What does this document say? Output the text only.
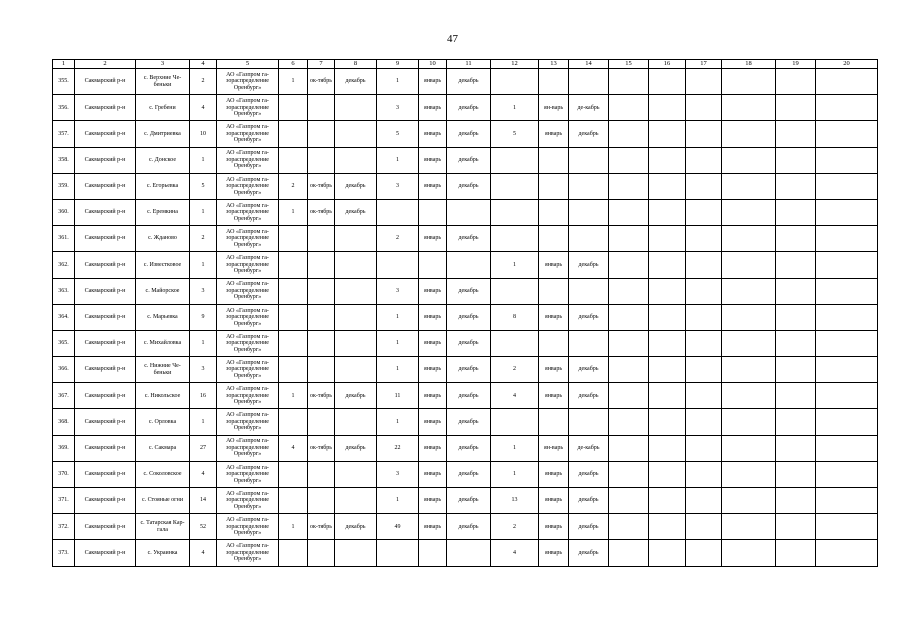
47
1	2	3	4	5	6	7	8	9	10	11	12	13	14	15	16	17	18	19	20
355.	Сакмарский р-н	с. Верхние Че-беньки	2	АО «Газпром га-зораспределение Оренбург»	1	ок-тябрь	декабрь	1	январь	декабрь									
356.	Сакмарский р-н	с. Гребени	4	АО «Газпром га-зораспределение Оренбург»				3	январь	декабрь	1	ян-варь	де-кабрь						
357.	Сакмарский р-н	с. Дмитриевка	10	АО «Газпром га-зораспределение Оренбург»				5	январь	декабрь	5	январь	декабрь						
358.	Сакмарский р-н	с. Донское	1	АО «Газпром га-зораспределение Оренбург»				1	январь	декабрь									
359.	Сакмарский р-н	с. Егорьевка	5	АО «Газпром га-зораспределение Оренбург»	2	ок-тябрь	декабрь	3	январь	декабрь									
360.	Сакмарский р-н	с. Еремкина	1	АО «Газпром га-зораспределение Оренбург»	1	ок-тябрь	декабрь												
361.	Сакмарский р-н	с. Жданово	2	АО «Газпром га-зораспределение Оренбург»				2	январь	декабрь									
362.	Сакмарский р-н	с. Известковое	1	АО «Газпром га-зораспределение Оренбург»							1	январь	декабрь						
363.	Сакмарский р-н	с. Майорское	3	АО «Газпром га-зораспределение Оренбург»				3	январь	декабрь									
364.	Сакмарский р-н	с. Марьевка	9	АО «Газпром га-зораспределение Оренбург»				1	январь	декабрь	8	январь	декабрь						
365.	Сакмарский р-н	с. Михайловка	1	АО «Газпром га-зораспределение Оренбург»				1	январь	декабрь									
366.	Сакмарский р-н	с. Нижние Че-беньки	3	АО «Газпром га-зораспределение Оренбург»				1	январь	декабрь	2	январь	декабрь						
367.	Сакмарский р-н	с. Никольское	16	АО «Газпром га-зораспределение Оренбург»	1	ок-тябрь	декабрь	11	январь	декабрь	4	январь	декабрь						
368.	Сакмарский р-н	с. Орловка	1	АО «Газпром га-зораспределение Оренбург»				1	январь	декабрь									
369.	Сакмарский р-н	с. Сакмара	27	АО «Газпром га-зораспределение Оренбург»	4	ок-тябрь	декабрь	22	январь	декабрь	1	ян-варь	де-кабрь						
370.	Сакмарский р-н	с. Соколовское	4	АО «Газпром га-зораспределение Оренбург»				3	январь	декабрь	1	январь	декабрь						
371.	Сакмарский р-н	с. Стояные огни	14	АО «Газпром га-зораспределение Оренбург»				1	январь	декабрь	13	январь	декабрь						
372.	Сакмарский р-н	с. Татарская Кар-гала	52	АО «Газпром га-зораспределение Оренбург»	1	ок-тябрь	декабрь	49	январь	декабрь	2	январь	декабрь						
373.	Сакмарский р-н	с. Украинка	4	АО «Газпром га-зораспределение Оренбург»							4	январь	декабрь						
